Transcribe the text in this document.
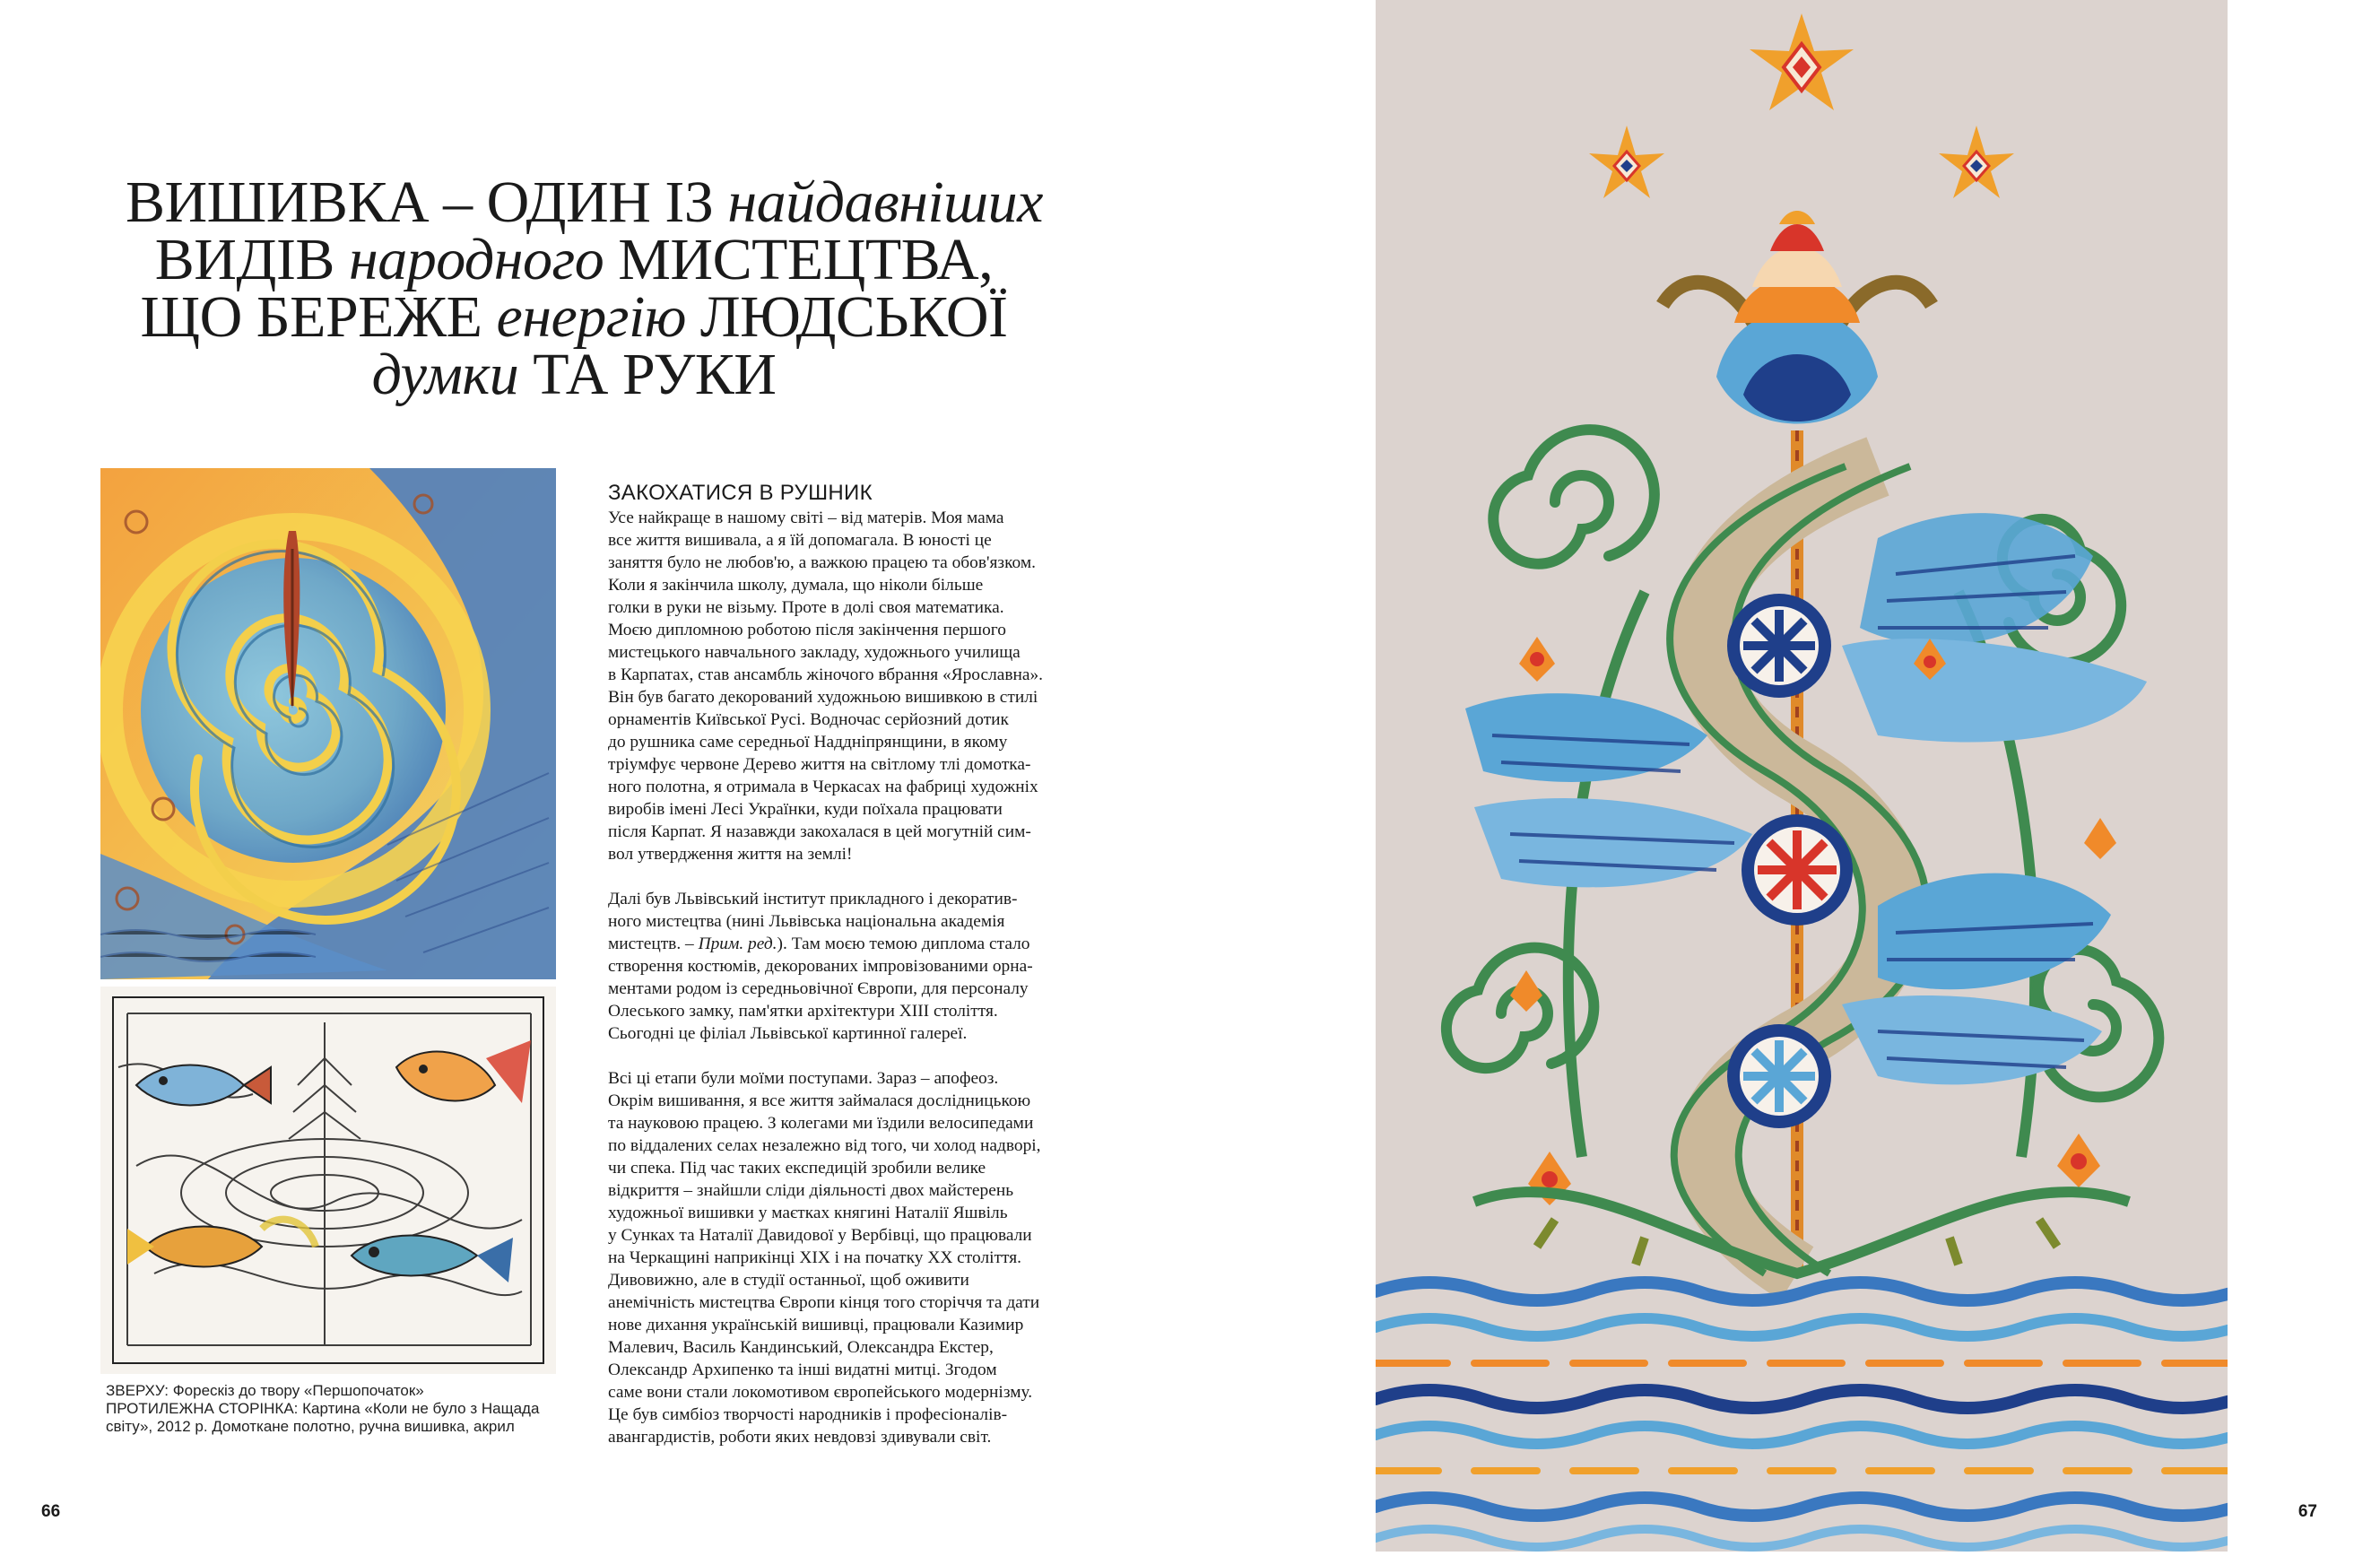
ВИШИВКА – ОДИН ІЗ найдавніших
ВИДІВ народного МИСТЕЦТВА,
ЩО БЕРЕЖЕ енергію ЛЮДСЬКОЇ
думки ТА РУКИ
ЗВЕРХУ: Форескіз до твору «Першопочаток»
ПРОТИЛЕЖНА СТОРІНКА: Картина «Коли не було з Нащада
світу», 2012 р. Домоткане полотно, ручна вишивка, акрил
ЗАКОХАТИСЯ В РУШНИК

Усе найкраще в нашому світі – від матерів. Моя мама
все життя вишивала, а я їй допомагала. В юності це
заняття було не любов'ю, а важкою працею та обов'язком.
Коли я закінчила школу, думала, що ніколи більше
голки в руки не візьму. Проте в долі своя математика.
Моєю дипломною роботою після закінчення першого
мистецького навчального закладу, художнього училища
в Карпатах, став ансамбль жіночого вбрання «Ярославна».
Він був багато декорований художньою вишивкою в стилі
орнаментів Київської Русі. Водночас серйозний дотик
до рушника саме середньої Наддніпрянщини, в якому
тріумфує червоне Дерево життя на світлому тлі домотка-
ного полотна, я отримала в Черкасах на фабриці художніх
виробів імені Лесі Українки, куди поїхала працювати
після Карпат. Я назавжди закохалася в цей могутній сим-
вол утвердження життя на землі!

Далі був Львівський інститут прикладного і декоратив-
ного мистецтва (нині Львівська національна академія
мистецтв. – Прим. ред.). Там моєю темою диплома стало
створення костюмів, декорованих імпровізованими орна-
ментами родом із середньовічної Європи, для персоналу
Олеського замку, пам'ятки архітектури XIII століття.
Сьогодні це філіал Львівської картинної галереї.

Всі ці етапи були моїми поступами. Зараз – апофеоз.
Окрім вишивання, я все життя займалася дослідницькою
та науковою працею. З колегами ми їздили велосипедами
по віддалених селах незалежно від того, чи холод надворі,
чи спека. Під час таких експедицій зробили велике
відкриття – знайшли сліди діяльності двох майстерень
художньої вишивки у маєтках княгині Наталії Яшвіль
у Сунках та Наталії Давидової у Вербівці, що працювали
на Черкащині наприкінці XIX і на початку XX століття.
Дивовижно, але в студії останньої, щоб оживити
анемічність мистецтва Європи кінця того сторіччя та дати
нове дихання українській вишивці, працювали Казимир
Малевич, Василь Кандинський, Олександра Екстер,
Олександр Архипенко та інші видатні митці. Згодом
саме вони стали локомотивом європейського модернізму.
Це був симбіоз творчості народників і професіоналів-
авангардистів, роботи яких невдовзі здивували світ.

66	67
